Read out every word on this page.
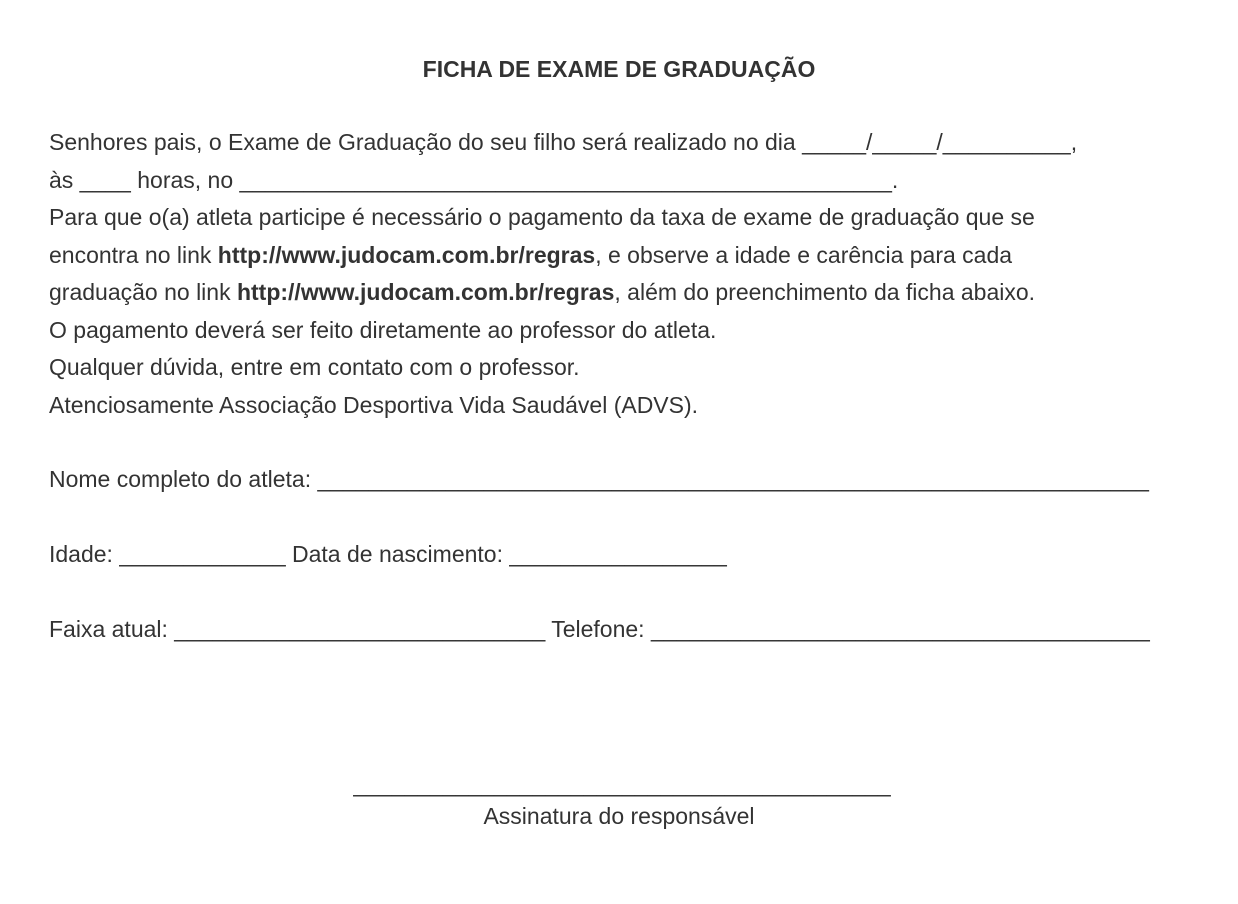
FICHA DE EXAME DE GRADUAÇÃO
Senhores pais, o Exame de Graduação do seu filho será realizado no dia _____/_____/__________,
às ____ horas, no ___________________________________________________.
Para que o(a) atleta participe é necessário o pagamento da taxa de exame de graduação que se
encontra no link http://www.judocam.com.br/regras, e observe a idade e carência para cada
graduação no link http://www.judocam.com.br/regras, além do preenchimento da ficha abaixo.
O pagamento deverá ser feito diretamente ao professor do atleta.
Qualquer dúvida, entre em contato com o professor.
Atenciosamente Associação Desportiva Vida Saudável (ADVS).
Nome completo do atleta: _________________________________________________________________
Idade: _____________ Data de nascimento: _________________
Faixa atual: _____________________________ Telefone: _______________________________________
__________________________________________
Assinatura do responsável
